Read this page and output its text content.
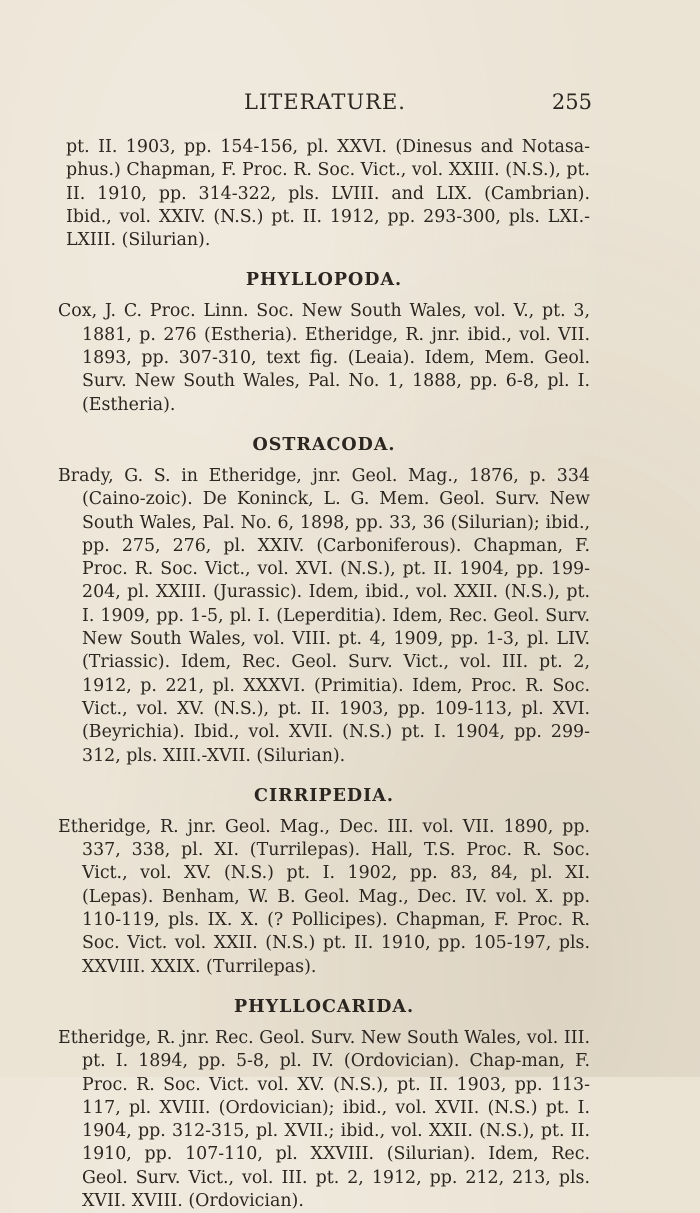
LITERATURE.	255

pt. II. 1903, pp. 154-156, pl. XXVI. (Dinesus and Notasa-phus.) Chapman, F. Proc. R. Soc. Vict., vol. XXIII. (N.S.), pt. II. 1910, pp. 314-322, pls. LVIII. and LIX. (Cambrian). Ibid., vol. XXIV. (N.S.) pt. II. 1912, pp. 293-300, pls. LXI.-LXIII. (Silurian).

PHYLLOPODA.

Cox, J. C. Proc. Linn. Soc. New South Wales, vol. V., pt. 3, 1881, p. 276 (Estheria). Etheridge, R. jnr. ibid., vol. VII. 1893, pp. 307-310, text fig. (Leaia). Idem, Mem. Geol. Surv. New South Wales, Pal. No. 1, 1888, pp. 6-8, pl. I. (Estheria).

OSTRACODA.

Brady, G. S. in Etheridge, jnr. Geol. Mag., 1876, p. 334 (Caino-zoic). De Koninck, L. G. Mem. Geol. Surv. New South Wales, Pal. No. 6, 1898, pp. 33, 36 (Silurian); ibid., pp. 275, 276, pl. XXIV. (Carboniferous). Chapman, F. Proc. R. Soc. Vict., vol. XVI. (N.S.), pt. II. 1904, pp. 199-204, pl. XXIII. (Jurassic). Idem, ibid., vol. XXII. (N.S.), pt. I. 1909, pp. 1-5, pl. I. (Leperditia). Idem, Rec. Geol. Surv. New South Wales, vol. VIII. pt. 4, 1909, pp. 1-3, pl. LIV. (Triassic). Idem, Rec. Geol. Surv. Vict., vol. III. pt. 2, 1912, p. 221, pl. XXXVI. (Primitia). Idem, Proc. R. Soc. Vict., vol. XV. (N.S.), pt. II. 1903, pp. 109-113, pl. XVI. (Beyrichia). Ibid., vol. XVII. (N.S.) pt. I. 1904, pp. 299-312, pls. XIII.-XVII. (Silurian).

CIRRIPEDIA.

Etheridge, R. jnr. Geol. Mag., Dec. III. vol. VII. 1890, pp. 337, 338, pl. XI. (Turrilepas). Hall, T.S. Proc. R. Soc. Vict., vol. XV. (N.S.) pt. I. 1902, pp. 83, 84, pl. XI. (Lepas). Benham, W. B. Geol. Mag., Dec. IV. vol. X. pp. 110-119, pls. IX. X. (? Pollicipes). Chapman, F. Proc. R. Soc. Vict. vol. XXII. (N.S.) pt. II. 1910, pp. 105-197, pls. XXVIII. XXIX. (Turrilepas).

PHYLLOCARIDA.

Etheridge, R. jnr. Rec. Geol. Surv. New South Wales, vol. III. pt. I. 1894, pp. 5-8, pl. IV. (Ordovician). Chap-man, F. Proc. R. Soc. Vict. vol. XV. (N.S.), pt. II. 1903, pp. 113-117, pl. XVIII. (Ordovician); ibid., vol. XVII. (N.S.) pt. I. 1904, pp. 312-315, pl. XVII.; ibid., vol. XXII. (N.S.), pt. II. 1910, pp. 107-110, pl. XXVIII. (Silurian). Idem, Rec. Geol. Surv. Vict., vol. III. pt. 2, 1912, pp. 212, 213, pls. XVII. XVIII. (Ordovician).
